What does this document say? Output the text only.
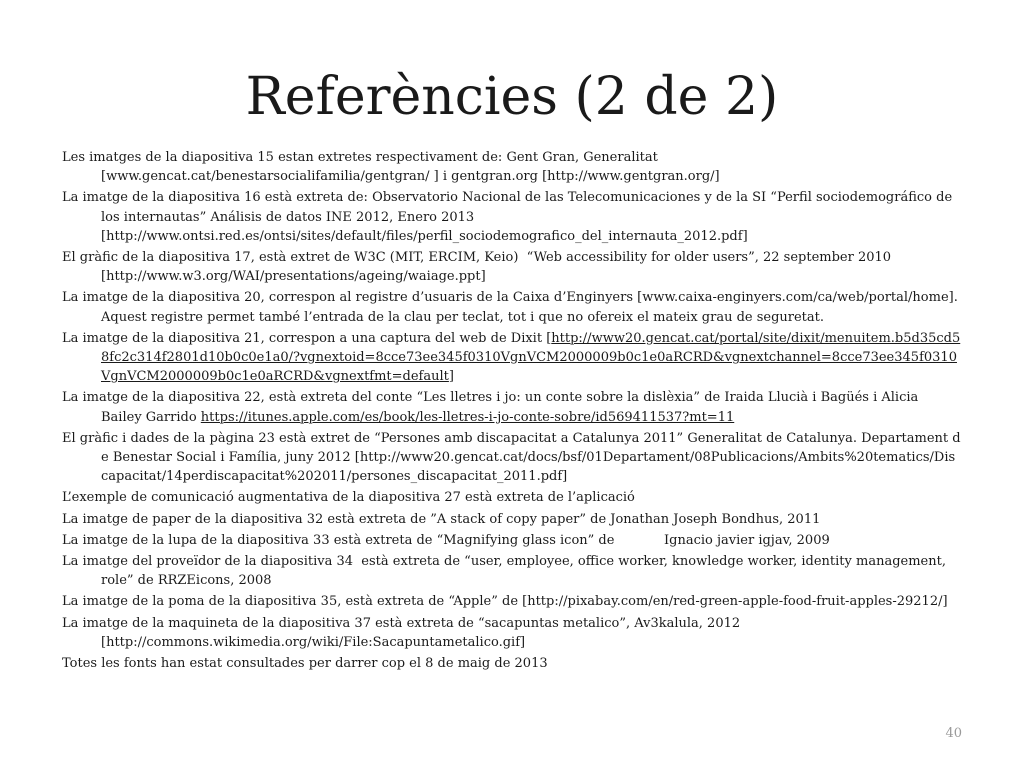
Referències (2 de 2)
Les imatges de la diapositiva 15 estan extretes respectivament de: Gent Gran, Generalitat [www.gencat.cat/benestarsocialifamilia/gentgran/ ] i gentgran.org [http://www.gentgran.org/]
La imatge de la diapositiva 16 està extreta de: Observatorio Nacional de las Telecomunicaciones y de la SI “Perfil sociodemográfico de los internautas” Análisis de datos INE 2012, Enero 2013 [http://www.ontsi.red.es/ontsi/sites/default/files/perfil_sociodemografico_del_internauta_2012.pdf]
El gràfic de la diapositiva 17, està extret de W3C (MIT, ERCIM, Keio)  “Web accessibility for older users”, 22 september 2010 [http://www.w3.org/WAI/presentations/ageing/waiage.ppt]
La imatge de la diapositiva 20, correspon al registre d’usuaris de la Caixa d’Enginyers [www.caixa-enginyers.com/ca/web/portal/home]. Aquest registre permet també l’entrada de la clau per teclat, tot i que no ofereix el mateix grau de seguretat.
La imatge de la diapositiva 21, correspon a una captura del web de Dixit [http://www20.gencat.cat/portal/site/dixit/menuitem.b5d35cd58fc2c314f2801d10b0c0e1a0/?vgnextoid=8cce73ee345f0310VgnVCM2000009b0c1e0aRCRD&vgnextchannel=8cce73ee345f0310VgnVCM2000009b0c1e0aRCRD&vgnextfmt=default]
La imatge de la diapositiva 22, està extreta del conte “Les lletres i jo: un conte sobre la dislèxia” de Iraida Llucià i Bagüés i Alicia Bailey Garrido https://itunes.apple.com/es/book/les-lletres-i-jo-conte-sobre/id569411537?mt=11
El gràfic i dades de la pàgina 23 està extret de “Persones amb discapacitat a Catalunya 2011” Generalitat de Catalunya. Departament de Benestar Social i Família, juny 2012 [http://www20.gencat.cat/docs/bsf/01Departament/08Publicacions/Ambits%20tematics/Discapacitat/14perdiscapacitat%202011/persones_discapacitat_2011.pdf]
L’exemple de comunicació augmentativa de la diapositiva 27 està extreta de l’aplicació
La imatge de paper de la diapositiva 32 està extreta de ”A stack of copy paper” de Jonathan Joseph Bondhus, 2011
La imatge de la lupa de la diapositiva 33 està extreta de “Magnifying glass icon” de            Ignacio javier igjav, 2009
La imatge del proveïdor de la diapositiva 34  està extreta de “user, employee, office worker, knowledge worker, identity management, role” de RRZEicons, 2008
La imatge de la poma de la diapositiva 35, està extreta de “Apple” de [http://pixabay.com/en/red-green-apple-food-fruit-apples-29212/]
La imatge de la maquineta de la diapositiva 37 està extreta de “sacapuntas metalico”, Av3kalula, 2012 [http://commons.wikimedia.org/wiki/File:Sacapuntametalico.gif]
Totes les fonts han estat consultades per darrer cop el 8 de maig de 2013
40
